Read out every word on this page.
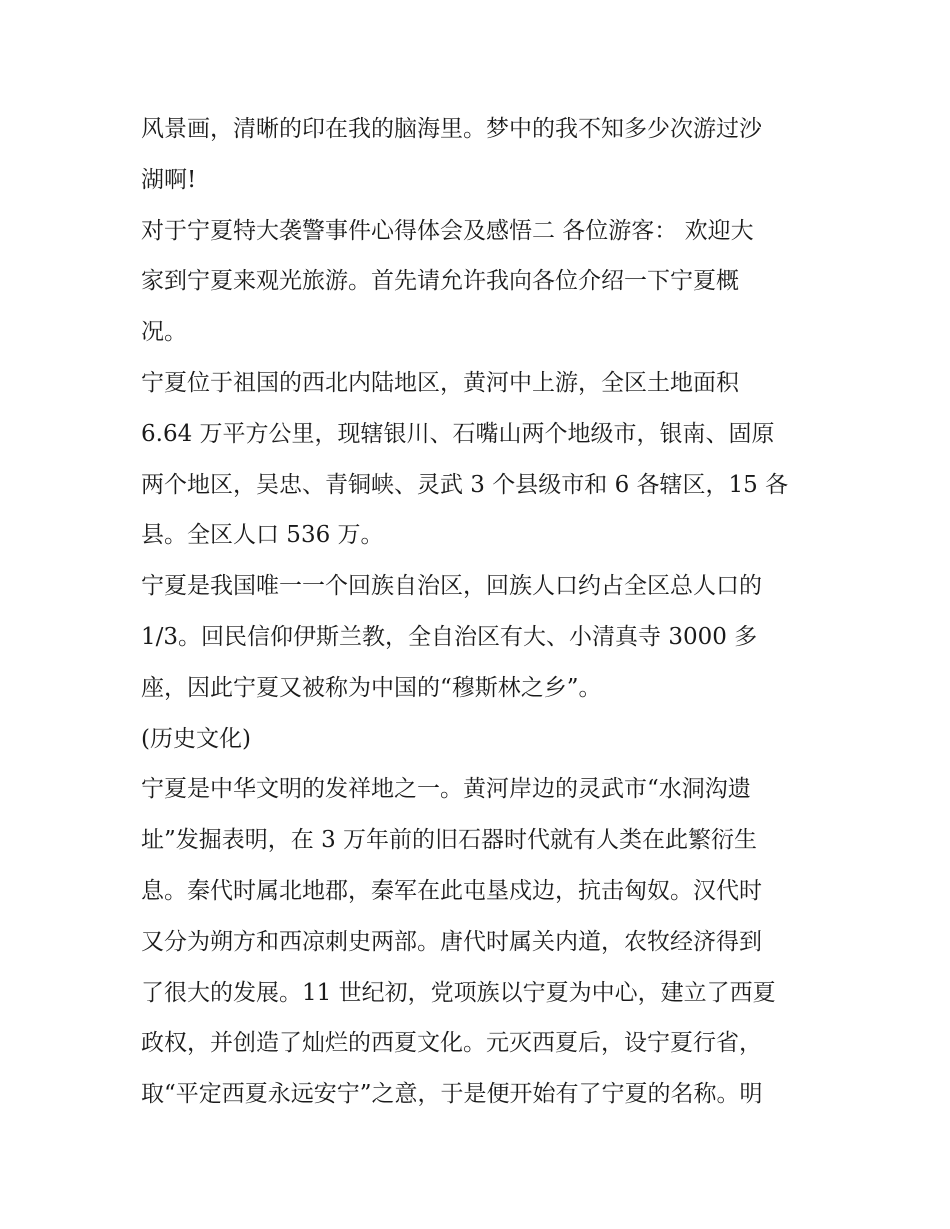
风景画，清晰的印在我的脑海里。梦中的我不知多少次游过沙
湖啊!
对于宁夏特大袭警事件心得体会及感悟二 各位游客： 欢迎大
家到宁夏来观光旅游。首先请允许我向各位介绍一下宁夏概
况。
宁夏位于祖国的西北内陆地区，黄河中上游，全区土地面积
6.64 万平方公里，现辖银川、石嘴山两个地级市，银南、固原
两个地区，吴忠、青铜峡、灵武 3 个县级市和 6 各辖区，15 各
县。全区人口 536 万。
宁夏是我国唯一一个回族自治区，回族人口约占全区总人口的
1/3。回民信仰伊斯兰教，全自治区有大、小清真寺 3000 多
座，因此宁夏又被称为中国的“穆斯林之乡”。
(历史文化)
宁夏是中华文明的发祥地之一。黄河岸边的灵武市“水洞沟遗
址”发掘表明，在 3 万年前的旧石器时代就有人类在此繁衍生
息。秦代时属北地郡，秦军在此屯垦戍边，抗击匈奴。汉代时
又分为朔方和西凉刺史两部。唐代时属关内道，农牧经济得到
了很大的发展。11 世纪初，党项族以宁夏为中心，建立了西夏
政权，并创造了灿烂的西夏文化。元灭西夏后，设宁夏行省，
取“平定西夏永远安宁”之意，于是便开始有了宁夏的名称。明
